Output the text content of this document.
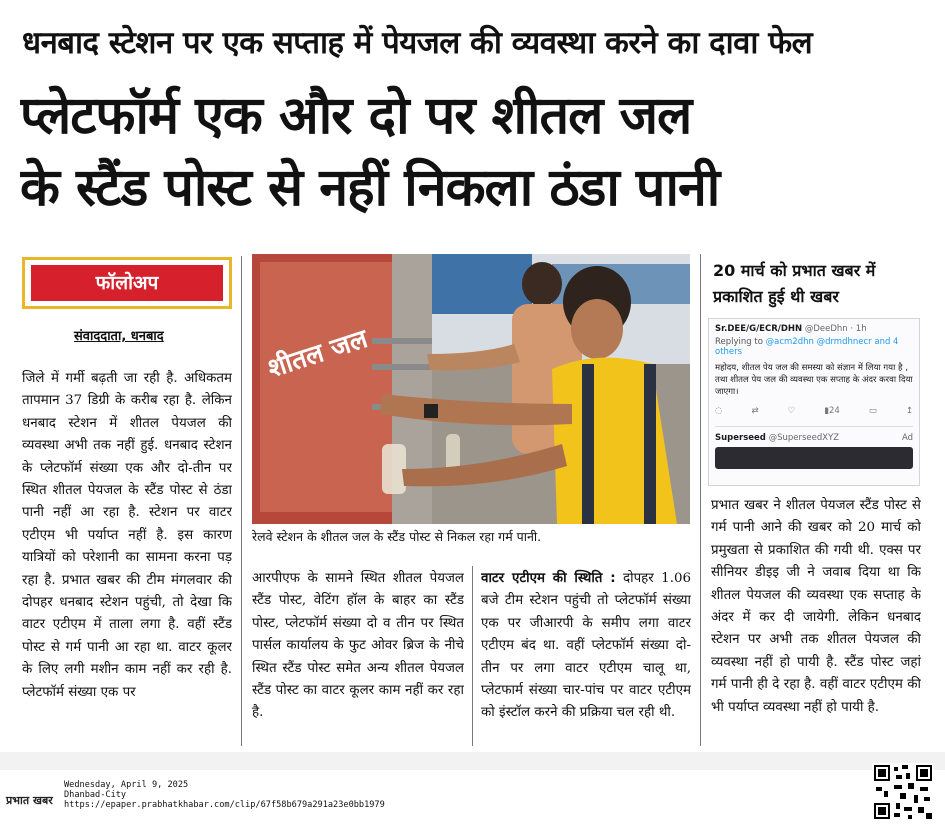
धनबाद स्टेशन पर एक सप्ताह में पेयजल की व्यवस्था करने का दावा फेल
प्लेटफॉर्म एक और दो पर शीतल जल
के स्टैंड पोस्ट से नहीं निकला ठंडा पानी
फॉलोअप
संवाददाता, धनबाद
जिले में गर्मी बढ़ती जा रही है. अधिकतम तापमान 37 डिग्री के करीब रहा है. लेकिन धनबाद स्टेशन में शीतल पेयजल की व्यवस्था अभी तक नहीं हुई. धनबाद स्टेशन के प्लेटफॉर्म संख्या एक और दो-तीन पर स्थित शीतल पेयजल के स्टैंड पोस्ट से ठंडा पानी नहीं आ रहा है. स्टेशन पर वाटर एटीएम भी पर्याप्त नहीं है. इस कारण यात्रियों को परेशानी का सामना करना पड़ रहा है. प्रभात खबर की टीम मंगलवार की दोपहर धनबाद स्टेशन पहुंची, तो देखा कि वाटर एटीएम में ताला लगा है. वहीं स्टैंड पोस्ट से गर्म पानी आ रहा था. वाटर कूलर के लिए लगी मशीन काम नहीं कर रही है. प्लेटफॉर्म संख्या एक पर
शीतल जल
रेलवे स्टेशन के शीतल जल के स्टैंड पोस्ट से निकल रहा गर्म पानी.
आरपीएफ के सामने स्थित शीतल पेयजल स्टैंड पोस्ट, वेटिंग हॉल के बाहर का स्टैंड पोस्ट, प्लेटफॉर्म संख्या दो व तीन पर स्थित पार्सल कार्यालय के फुट ओवर ब्रिज के नीचे स्थित स्टैंड पोस्ट समेत अन्य शीतल पेयजल स्टैंड पोस्ट का वाटर कूलर काम नहीं कर रहा है.
वाटर एटीएम की स्थिति : दोपहर 1.06 बजे टीम स्टेशन पहुंची तो प्लेटफॉर्म संख्या एक पर जीआरपी के समीप लगा वाटर एटीएम बंद था. वहीं प्लेटफॉर्म संख्या दो-तीन पर लगा वाटर एटीएम चालू था, प्लेटफार्म संख्या चार-पांच पर वाटर एटीएम को इंस्टॉल करने की प्रक्रिया चल रही थी.
20 मार्च को प्रभात खबर में प्रकाशित हुई थी खबर
Sr.DEE/G/ECR/DHN @DeeDhn · 1h
Replying to @acm2dhn @drmdhnecr and 4 others
महोदय, शीतल पेय जल की समस्या को संज्ञान में लिया गया है , तथा शीतल पेय जल की व्यवस्था एक सप्ताह के अंदर करवा दिया जाएगा।
◌	⇄	♡	▮24	▭	↥
Superseed @SuperseedXYZ	Ad
प्रभात खबर ने शीतल पेयजल स्टैंड पोस्ट से गर्म पानी आने की खबर को 20 मार्च को प्रमुखता से प्रकाशित की गयी थी. एक्स पर सीनियर डीइइ जी ने जवाब दिया था कि शीतल पेयजल की व्यवस्था एक सप्ताह के अंदर में कर दी जायेगी. लेकिन धनबाद स्टेशन पर अभी तक शीतल पेयजल की व्यवस्था नहीं हो पायी है. स्टैंड पोस्ट जहां गर्म पानी ही दे रहा है. वहीं वाटर एटीएम की भी पर्याप्त व्यवस्था नहीं हो पायी है.
प्रभात खबर
Wednesday, April 9, 2025
Dhanbad-City
https://epaper.prabhatkhabar.com/clip/67f58b679a291a23e0bb1979
